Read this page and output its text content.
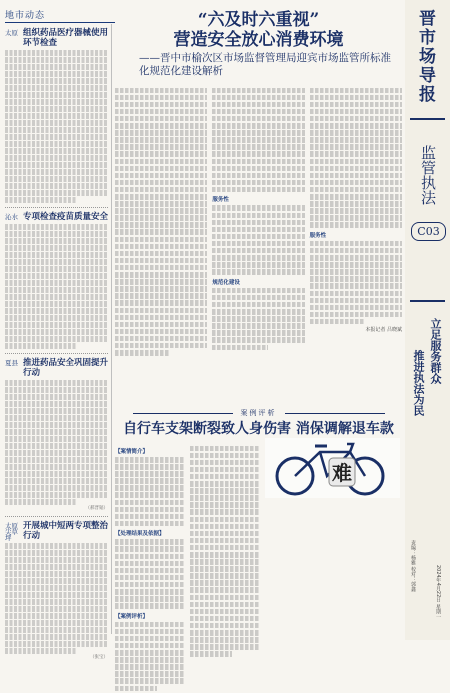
地市动态
太原 组织药品医疗器械使用环节检查
沁水 专项检查疫苗质量安全
夏县 推进药品安全巩固提升行动
（郝晋韬）
太原尖草坪
开展城中短两专项整治行动
（张宝）
“六及时六重视”
营造安全放心消费环境
——晋中市榆次区市场监督管理局迎宾市场监管所标准化规范化建设解析
服务性
规范化建设
服务性
本报记者 吕晓斌
案例评析
自行车支架断裂致人身伤害 消保调解退车款
【案情简介】
【处理结果及依据】
【案例评析】
难
晋
市
场
导
报
监管执法
C03
立足服务群众
推进执法为民
责编：杨雅 校对：郭鑫	2024年4月22日 星期一
